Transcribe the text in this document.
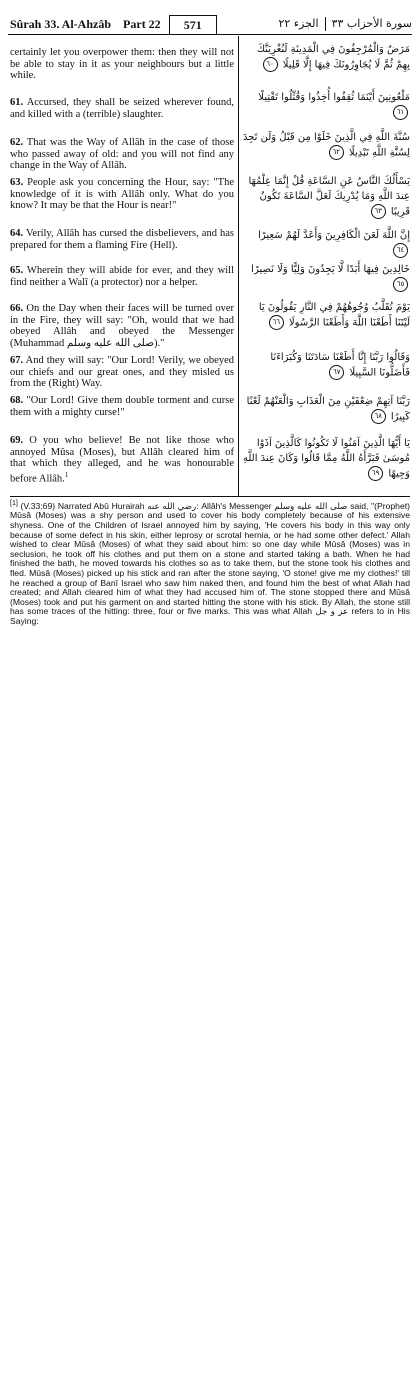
Sûrah 33. Al-Ahzâb Part 22	571	سورة الأحزاب ٣٣الجزء ٢٢
certainly let you overpower them: then they will not be able to stay in it as your neighbours but a little while.
61. Accursed, they shall be seized wherever found, and killed with a (terrible) slaughter.
62. That was the Way of Allâh in the case of those who passed away of old: and you will not find any change in the Way of Allâh.
63. People ask you concerning the Hour, say: "The knowledge of it is with Allâh only. What do you know? It may be that the Hour is near!"
64. Verily, Allâh has cursed the disbelievers, and has prepared for them a flaming Fire (Hell).
65. Wherein they will abide for ever, and they will find neither a Walî (a protector) nor a helper.
66. On the Day when their faces will be turned over in the Fire, they will say: "Oh, would that we had obeyed Allâh and obeyed the Messenger (Muhammad صلى الله عليه وسلم)."
67. And they will say: "Our Lord! Verily, we obeyed our chiefs and our great ones, and they misled us from the (Right) Way.
68. "Our Lord! Give them double torment and curse them with a mighty curse!"
69. O you who believe! Be not like those who annoyed Mûsa (Moses), but Allâh cleared him of that which they alleged, and he was honourable before Allâh.$^1$
مَرَضٌ وَالْمُرْجِفُونَ فِي الْمَدِينَةِ لَنُغْرِيَنَّكَ بِهِمْ ثُمَّ لَا يُجَاوِرُونَكَ فِيهَا إِلَّا قَلِيلًا ٦٠
مَلْعُونِينَ أَيْنَمَا ثُقِفُوا أُخِذُوا وَقُتِّلُوا تَقْتِيلًا ٦١
سُنَّةَ اللَّهِ فِي الَّذِينَ خَلَوْا مِن قَبْلُ وَلَن تَجِدَ لِسُنَّةِ اللَّهِ تَبْدِيلًا ٦٢
يَسْأَلُكَ النَّاسُ عَنِ السَّاعَةِ قُلْ إِنَّمَا عِلْمُهَا عِندَ اللَّهِ وَمَا يُدْرِيكَ لَعَلَّ السَّاعَةَ تَكُونُ قَرِيبًا ٦٣
إِنَّ اللَّهَ لَعَنَ الْكَافِرِينَ وَأَعَدَّ لَهُمْ سَعِيرًا ٦٤
خَالِدِينَ فِيهَا أَبَدًا لَّا يَجِدُونَ وَلِيًّا وَلَا نَصِيرًا ٦٥
يَوْمَ تُقَلَّبُ وُجُوهُهُمْ فِي النَّارِ يَقُولُونَ يَا لَيْتَنَا أَطَعْنَا اللَّهَ وَأَطَعْنَا الرَّسُولَا ٦٦
وَقَالُوا رَبَّنَا إِنَّا أَطَعْنَا سَادَتَنَا وَكُبَرَاءَنَا فَأَضَلُّونَا السَّبِيلَا ٦٧
رَبَّنَا آتِهِمْ ضِعْفَيْنِ مِنَ الْعَذَابِ وَالْعَنْهُمْ لَعْنًا كَبِيرًا ٦٨
يَا أَيُّهَا الَّذِينَ آمَنُوا لَا تَكُونُوا كَالَّذِينَ آذَوْا مُوسَىٰ فَبَرَّأَهُ اللَّهُ مِمَّا قَالُوا وَكَانَ عِندَ اللَّهِ وَجِيهًا ٦٩
[1] (V.33:69) Narrated Abû Hurairah رضي الله عنه: Allâh's Messenger صلى الله عليه وسلم said, "(Prophet) Mûsâ (Moses) was a shy person and used to cover his body completely because of his extensive shyness. One of the Children of Israel annoyed him by saying, 'He covers his body in this way only because of some defect in his skin, either leprosy or scrotal hernia, or he had some other defect.' Allah wished to clear Mûsâ (Moses) of what they said about him: so one day while Mûsâ (Moses) was in seclusion, he took off his clothes and put them on a stone and started taking a bath. When he had finished the bath, he moved towards his clothes so as to take them, but the stone took his clothes and fled. Mûsâ (Moses) picked up his stick and ran after the stone saying, 'O stone! give me my clothes!' till he reached a group of Banî Israel who saw him naked then, and found him the best of what Allah had created; and Allah cleared him of what they had accused him of. The stone stopped there and Mûsâ (Moses) took and put his garment on and started hitting the stone with his stick. By Allah, the stone still has some traces of the hitting: three, four or five marks. This was what Allah عز و جل refers to in His Saying:
